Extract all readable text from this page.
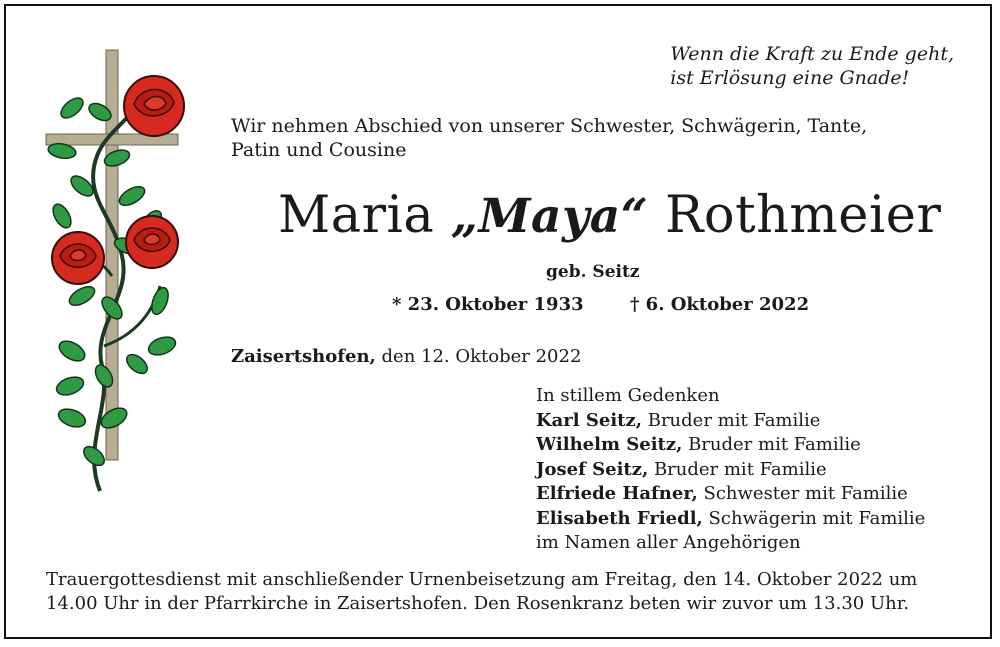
Wenn die Kraft zu Ende geht,
ist Erlösung eine Gnade!
Wir nehmen Abschied von unserer Schwester, Schwägerin, Tante,
Patin und Cousine
Maria „Maya“ Rothmeier
geb. Seitz
* 23. Oktober 1933	† 6. Oktober 2022
Zaisertshofen, den 12. Oktober 2022
In stillem Gedenken
Karl Seitz, Bruder mit Familie
Wilhelm Seitz, Bruder mit Familie
Josef Seitz, Bruder mit Familie
Elfriede Hafner, Schwester mit Familie
Elisabeth Friedl, Schwägerin mit Familie
im Namen aller Angehörigen
Trauergottesdienst mit anschließender Urnenbeisetzung am Freitag, den 14. Oktober 2022 um
14.00 Uhr in der Pfarrkirche in Zaisertshofen. Den Rosenkranz beten wir zuvor um 13.30 Uhr.
